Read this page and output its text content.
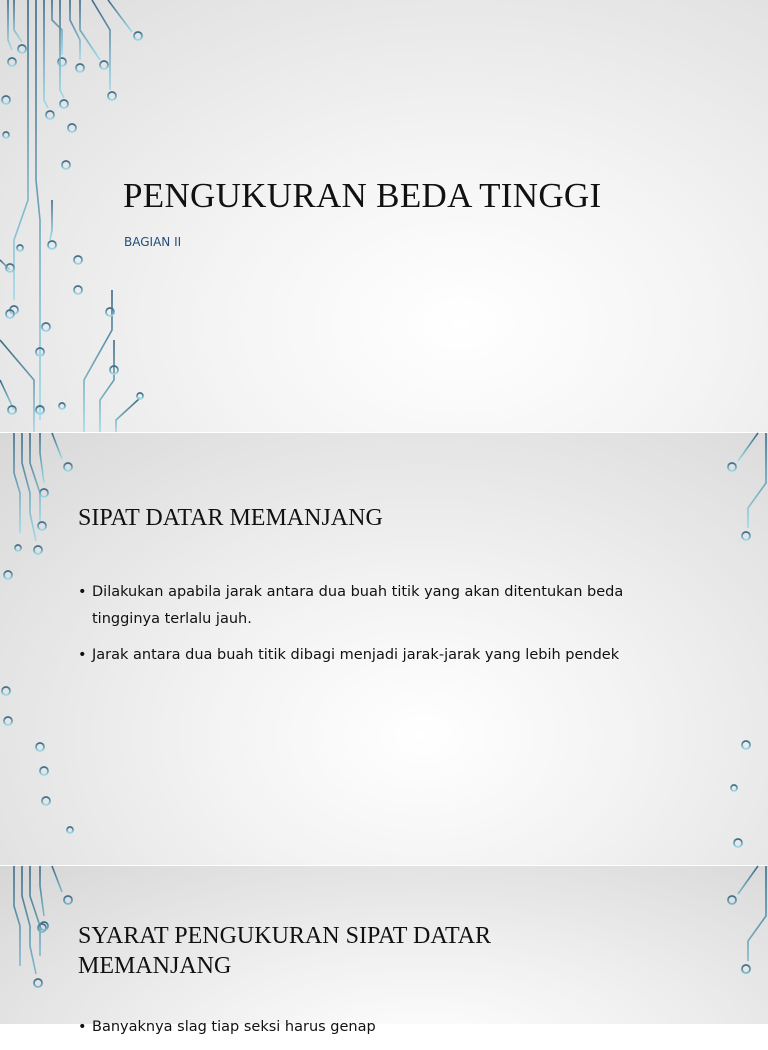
PENGUKURAN BEDA TINGGI
BAGIAN II
SIPAT DATAR MEMANJANG
• Dilakukan apabila jarak antara dua buah titik yang akan ditentukan beda tingginya terlalu jauh.
• Jarak antara dua buah titik dibagi menjadi jarak-jarak yang lebih pendek
SYARAT PENGUKURAN SIPAT DATAR MEMANJANG
• Banyaknya slag tiap seksi harus genap
